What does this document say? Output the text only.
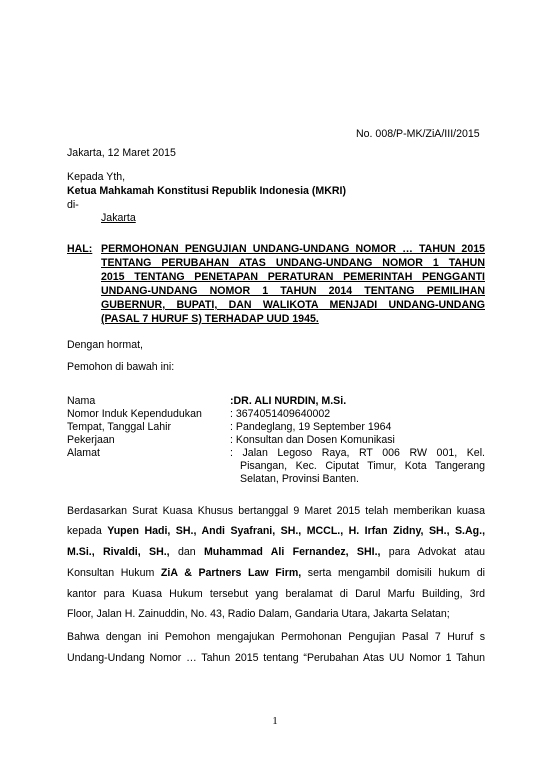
No. 008/P-MK/ZiA/III/2015
Jakarta, 12 Maret 2015
Kepada Yth,
Ketua Mahkamah Konstitusi Republik Indonesia (MKRI)
di-
Jakarta
HAL: PERMOHONAN PENGUJIAN UNDANG-UNDANG NOMOR … TAHUN 2015
TENTANG PERUBAHAN ATAS UNDANG-UNDANG NOMOR 1 TAHUN
2015 TENTANG PENETAPAN PERATURAN PEMERINTAH PENGGANTI
UNDANG-UNDANG NOMOR 1 TAHUN 2014 TENTANG PEMILIHAN
GUBERNUR, BUPATI, DAN WALIKOTA MENJADI UNDANG-UNDANG
(PASAL 7 HURUF S) TERHADAP UUD 1945.
Dengan hormat,
Pemohon di bawah ini:
Nama	:DR. ALI NURDIN, M.Si.
Nomor Induk Kependudukan	: 3674051409640002
Tempat, Tanggal Lahir	: Pandeglang, 19 September 1964
Pekerjaan	: Konsultan dan Dosen Komunikasi
Alamat	: Jalan Legoso Raya, RT 006 RW 001, Kel.
Pisangan, Kec. Ciputat Timur, Kota Tangerang
Selatan, Provinsi Banten.
Berdasarkan Surat Kuasa Khusus bertanggal 9 Maret 2015 telah memberikan kuasa
kepada Yupen Hadi, SH., Andi Syafrani, SH., MCCL., H. Irfan Zidny, SH., S.Ag.,
M.Si., Rivaldi, SH., dan Muhammad Ali Fernandez, SHI., para Advokat atau
Konsultan Hukum ZiA & Partners Law Firm, serta mengambil domisili hukum di
kantor para Kuasa Hukum tersebut yang beralamat di Darul Marfu Building, 3rd
Floor, Jalan H. Zainuddin, No. 43, Radio Dalam, Gandaria Utara, Jakarta Selatan;
Bahwa dengan ini Pemohon mengajukan Permohonan Pengujian Pasal 7 Huruf s
Undang-Undang Nomor … Tahun 2015 tentang “Perubahan Atas UU Nomor 1 Tahun
1
